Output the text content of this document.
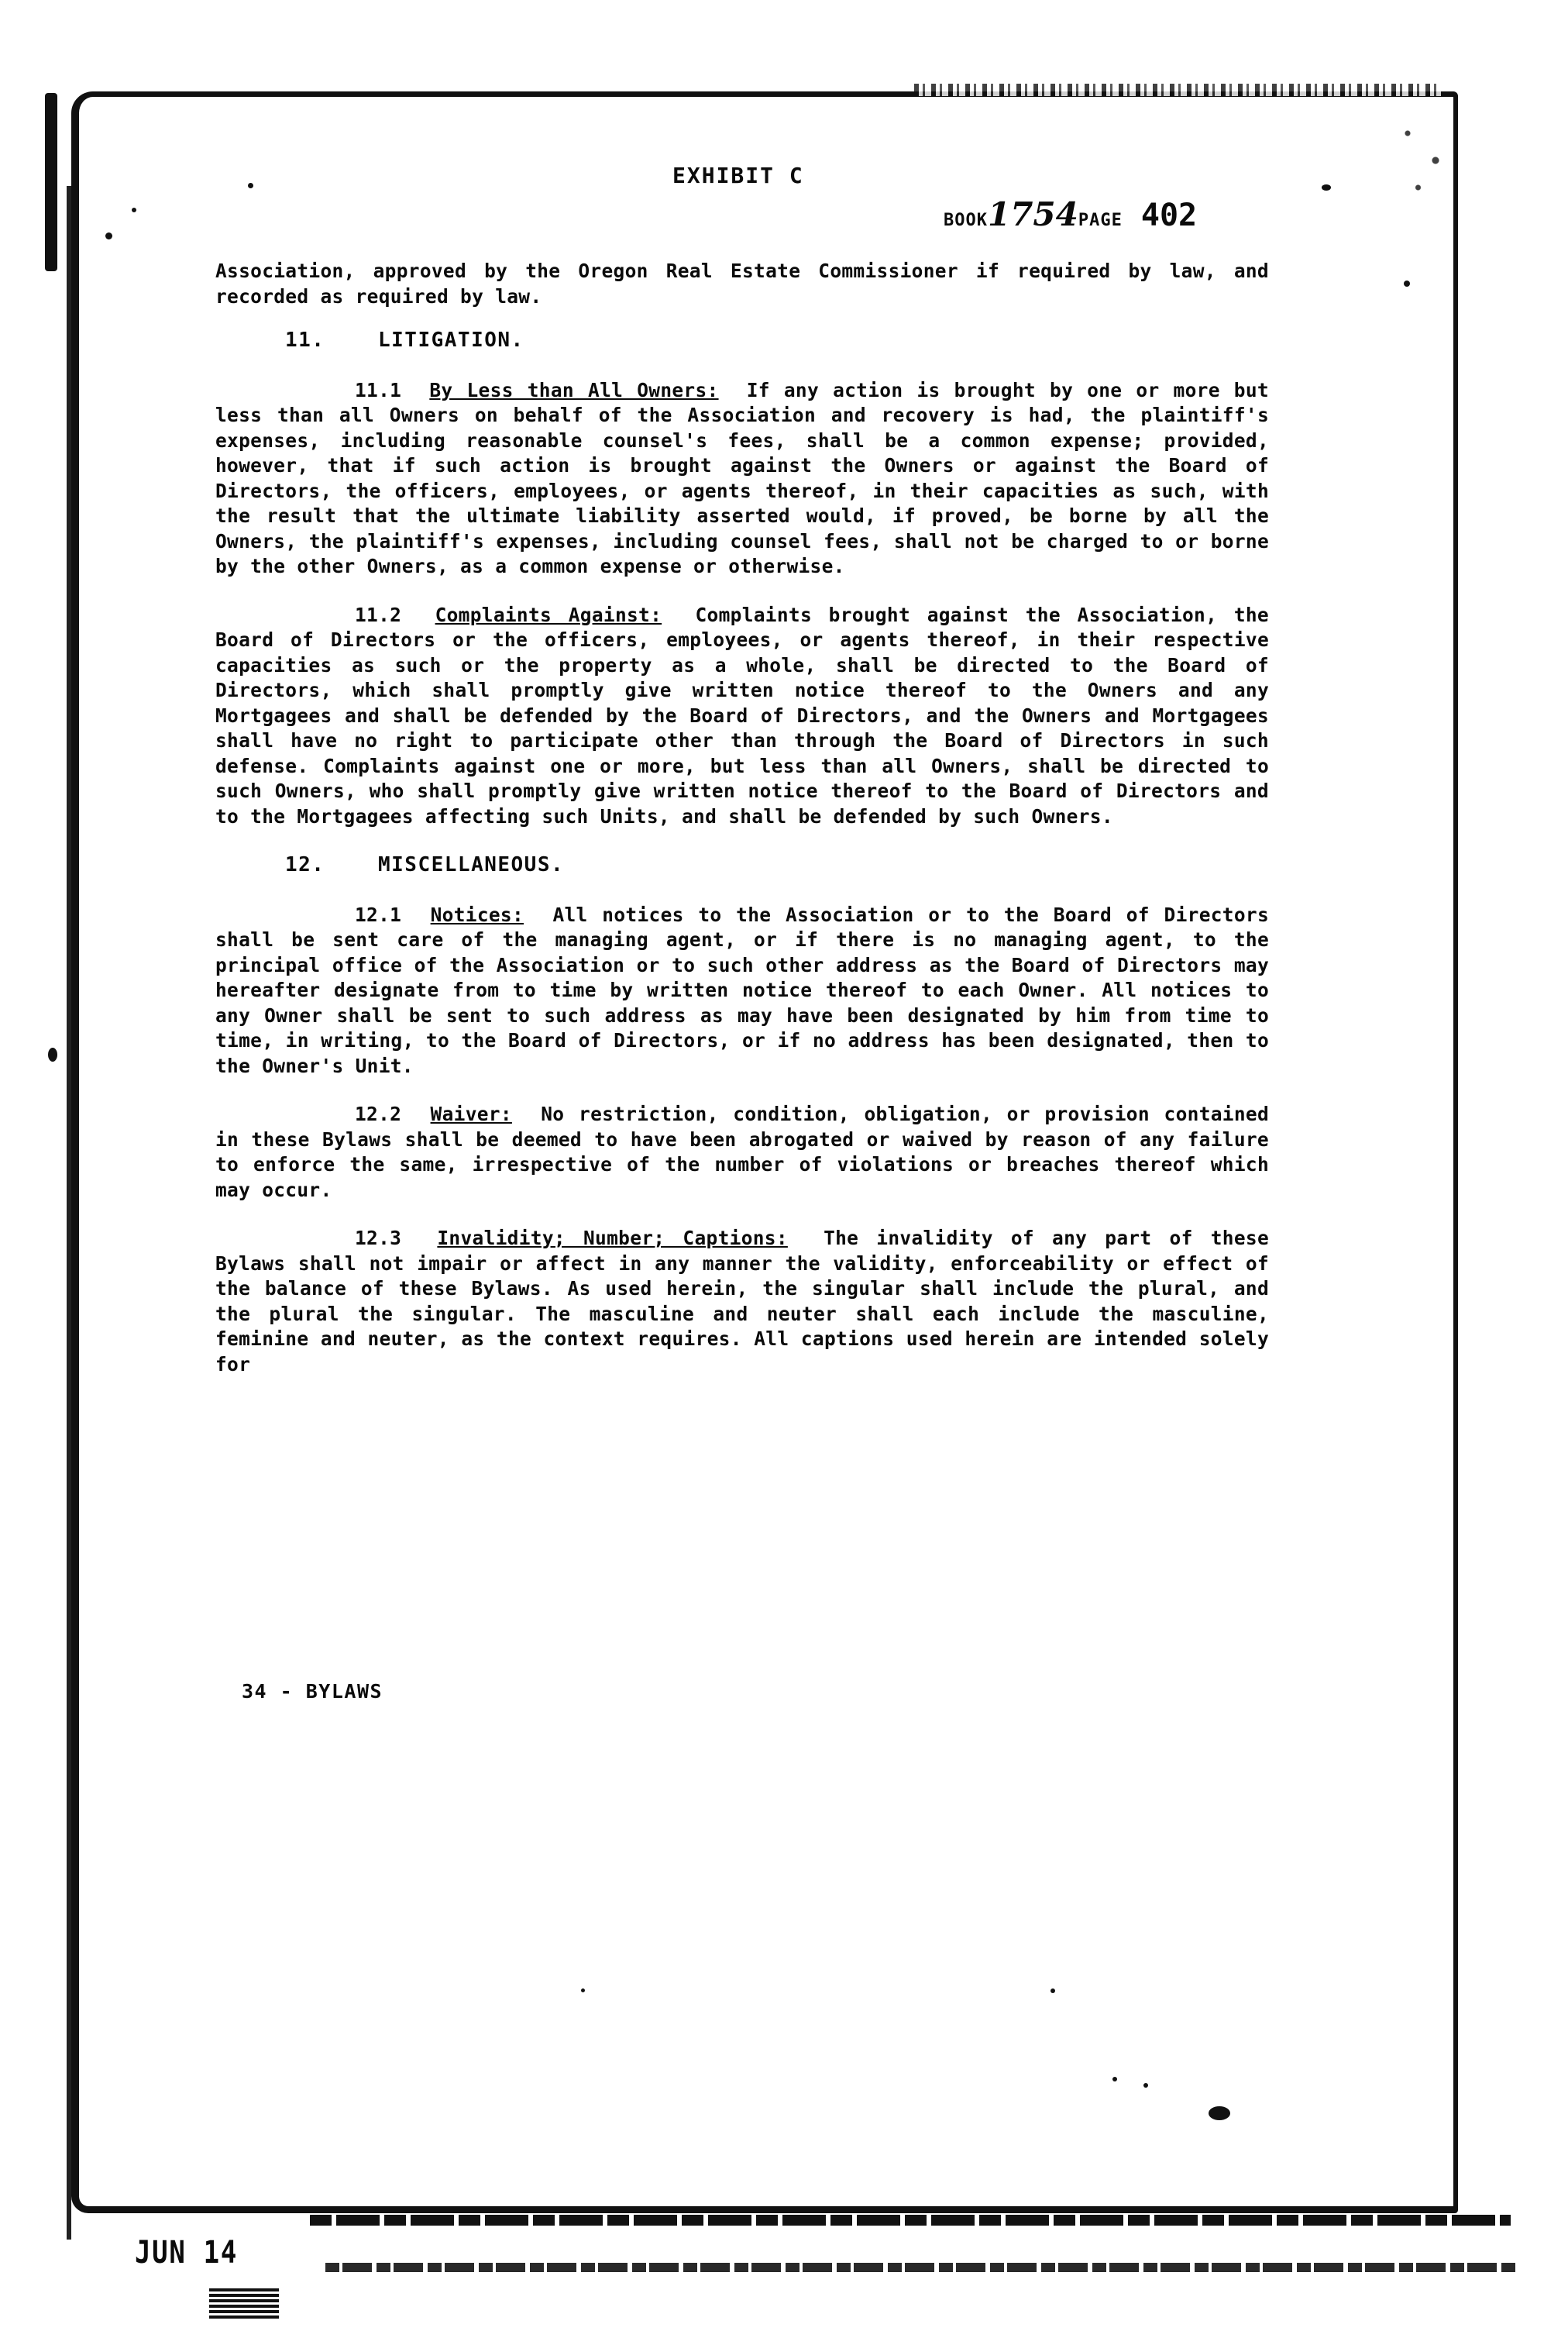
EXHIBIT C
BOOK1754PAGE 402

Association, approved by the Oregon Real Estate Commissioner if required by law, and recorded as required by law.

11.	LITIGATION.

11.1 By Less than All Owners: If any action is brought by one or more but less than all Owners on behalf of the Association and recovery is had, the plaintiff's expenses, including reasonable counsel's fees, shall be a common expense; provided, however, that if such action is brought against the Owners or against the Board of Directors, the officers, employees, or agents thereof, in their capacities as such, with the result that the ultimate liability asserted would, if proved, be borne by all the Owners, the plaintiff's expenses, including counsel fees, shall not be charged to or borne by the other Owners, as a common expense or otherwise.

11.2 Complaints Against: Complaints brought against the Association, the Board of Directors or the officers, employees, or agents thereof, in their respective capacities as such or the property as a whole, shall be directed to the Board of Directors, which shall promptly give written notice thereof to the Owners and any Mortgagees and shall be defended by the Board of Directors, and the Owners and Mortgagees shall have no right to participate other than through the Board of Directors in such defense. Complaints against one or more, but less than all Owners, shall be directed to such Owners, who shall promptly give written notice thereof to the Board of Directors and to the Mortgagees affecting such Units, and shall be defended by such Owners.

12.	MISCELLANEOUS.

12.1 Notices: All notices to the Association or to the Board of Directors shall be sent care of the managing agent, or if there is no managing agent, to the principal office of the Association or to such other address as the Board of Directors may hereafter designate from to time by written notice thereof to each Owner. All notices to any Owner shall be sent to such address as may have been designated by him from time to time, in writing, to the Board of Directors, or if no address has been designated, then to the Owner's Unit.

12.2 Waiver: No restriction, condition, obligation, or provision contained in these Bylaws shall be deemed to have been abrogated or waived by reason of any failure to enforce the same, irrespective of the number of violations or breaches thereof which may occur.

12.3 Invalidity; Number; Captions: The invalidity of any part of these Bylaws shall not impair or affect in any manner the validity, enforceability or effect of the balance of these Bylaws. As used herein, the singular shall include the plural, and the plural the singular. The masculine and neuter shall each include the masculine, feminine and neuter, as the context requires. All captions used herein are intended solely for

34 - BYLAWS
JUN 14
